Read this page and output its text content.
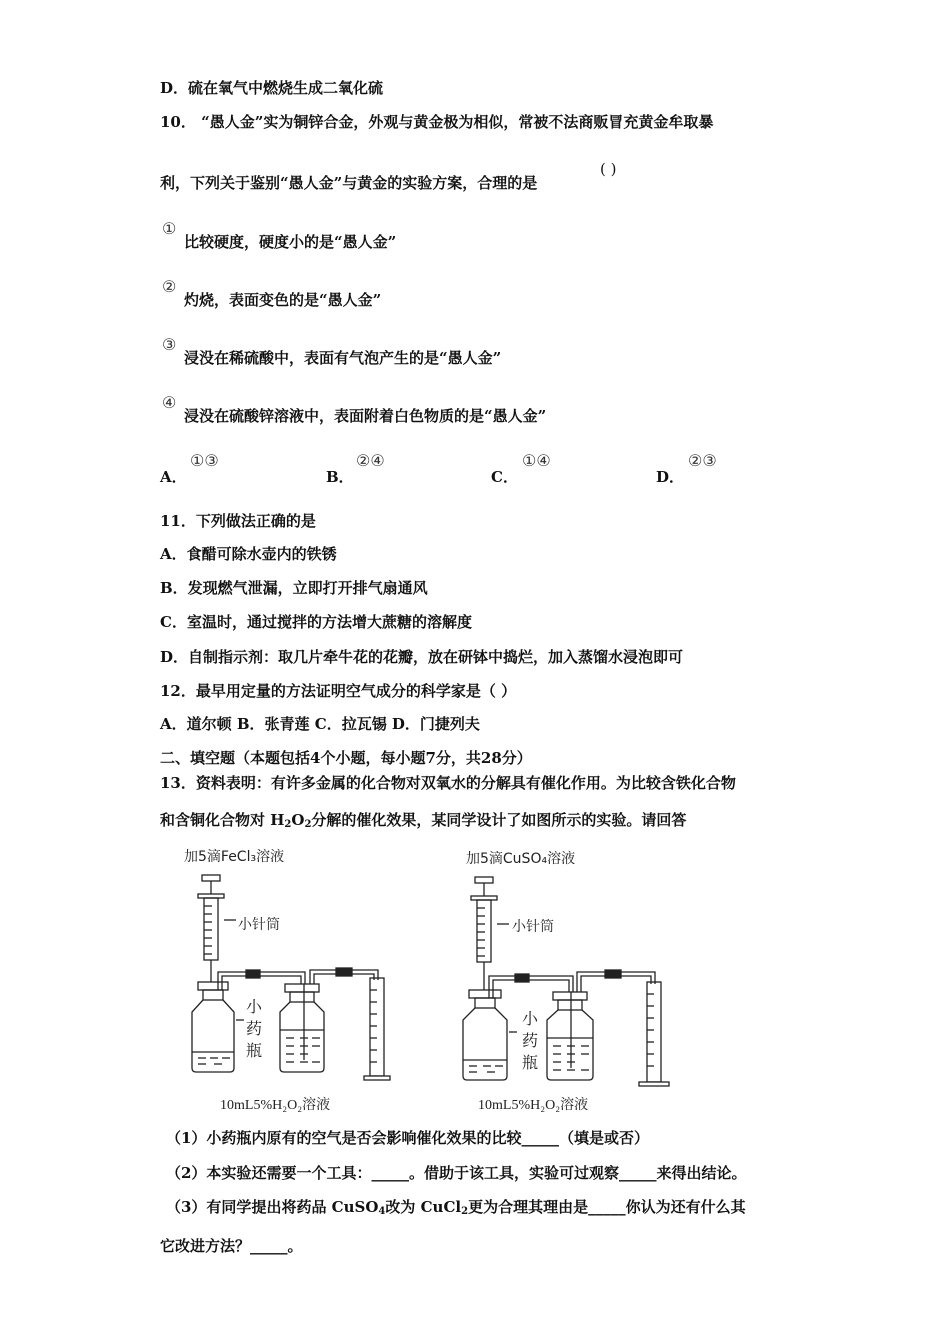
D．硫在氧气中燃烧生成二氧化硫
10． “愚人金”实为铜锌合金，外观与黄金极为相似，常被不法商贩冒充黄金牟取暴
利，下列关于鉴别“愚人金”与黄金的实验方案，合理的是
( )
①
比较硬度，硬度小的是“愚人金”
②
灼烧，表面变色的是“愚人金”
③
浸没在稀硫酸中，表面有气泡产生的是“愚人金”
④
浸没在硫酸锌溶液中，表面附着白色物质的是“愚人金”
A．
①③
B．
②④
C．
①④
D．
②③
11．下列做法正确的是
A．食醋可除水壶内的铁锈
B．发现燃气泄漏，立即打开排气扇通风
C．室温时，通过搅拌的方法增大蔗糖的溶解度
D．自制指示剂：取几片牵牛花的花瓣，放在研钵中捣烂，加入蒸馏水浸泡即可
12．最早用定量的方法证明空气成分的科学家是（ ）
A．道尔顿 B．张青莲 C．拉瓦锡 D．门捷列夫
二、填空题（本题包括4个小题，每小题7分，共28分）
13．资料表明：有许多金属的化合物对双氧水的分解具有催化作用。为比较含铁化合物
和含铜化合物对 $H_2O_2$分解的催化效果，某同学设计了如图所示的实验。请回答
加5滴FeCl₃溶液	加5滴CuSO₄溶液
小针筒	小针筒
小
药
瓶
小
药
瓶
10mL5%H₂O₂溶液	10mL5%H₂O₂溶液
（1）小药瓶内原有的空气是否会影响催化效果的比较_____（填是或否）
（2）本实验还需要一个工具：_____。借助于该工具，实验可过观察_____来得出结论。
（3）有同学提出将药品 CuSO$_4$改为 CuCl$_2$更为合理其理由是_____你认为还有什么其
它改进方法？_____。
